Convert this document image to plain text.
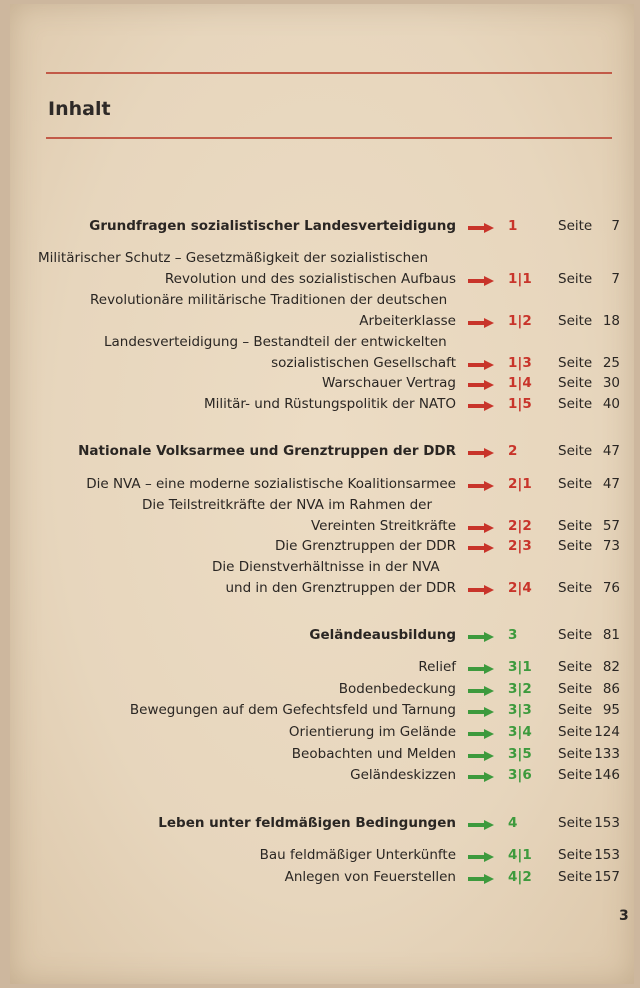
Inhalt
Grundfragen sozialistischer Landesverteidigung	1	Seite 7
Militärischer Schutz – Gesetzmäßigkeit der sozialistischen
Revolution und des sozialistischen Aufbaus	1|1 Seite 7
Revolutionäre militärische Traditionen der deutschen
Arbeiterklasse	1|2 Seite 18
Landesverteidigung – Bestandteil der entwickelten
sozialistischen Gesellschaft	1|3 Seite 25
Warschauer Vertrag	1|4 Seite 30
Militär- und Rüstungspolitik der NATO	1|5 Seite 40
Nationale Volksarmee und Grenztruppen der DDR	2	Seite 47
Die NVA – eine moderne sozialistische Koalitionsarmee	2|1 Seite 47
Die Teilstreitkräfte der NVA im Rahmen der
Vereinten Streitkräfte	2|2 Seite 57
Die Grenztruppen der DDR	2|3 Seite 73
Die Dienstverhältnisse in der NVA
und in den Grenztruppen der DDR	2|4 Seite 76
Geländeausbildung	3	Seite 81
Relief	3|1 Seite 82
Bodenbedeckung	3|2 Seite 86
Bewegungen auf dem Gefechtsfeld und Tarnung	3|3 Seite 95
Orientierung im Gelände	3|4 Seite 124
Beobachten und Melden	3|5 Seite 133
Geländeskizzen	3|6 Seite 146
Leben unter feldmäßigen Bedingungen	4	Seite 153
Bau feldmäßiger Unterkünfte	4|1 Seite 153
Anlegen von Feuerstellen	4|2 Seite 157
3
